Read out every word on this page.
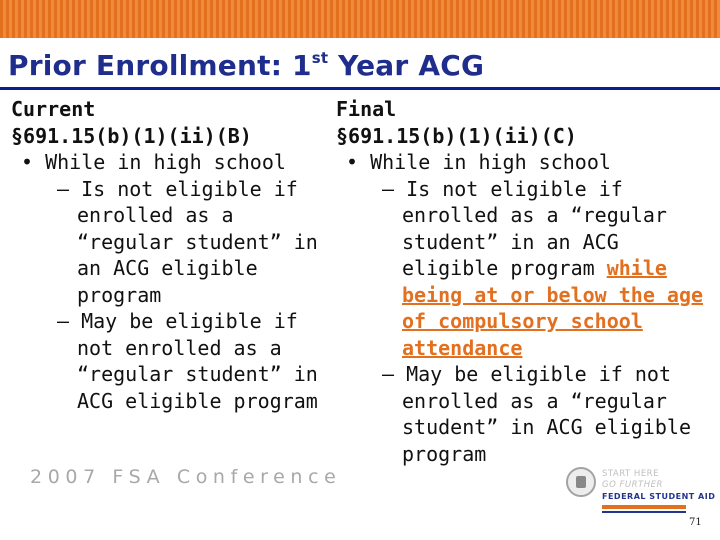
Prior Enrollment: 1st Year ACG
Current
§691.15(b)(1)(ii)(B)
• While in high school
– Is not eligible if enrolled as a “regular student” in an ACG eligible program
– May be eligible if not enrolled as a “regular student” in ACG eligible program
Final
§691.15(b)(1)(ii)(C)
• While in high school
– Is not eligible if enrolled as a “regular student” in an ACG eligible program while being at or below the age of compulsory school attendance
– May be eligible if not enrolled as a “regular student” in ACG eligible program
2007 FSA Conference	START HERE
GO FURTHER
FEDERAL STUDENT AID
71
